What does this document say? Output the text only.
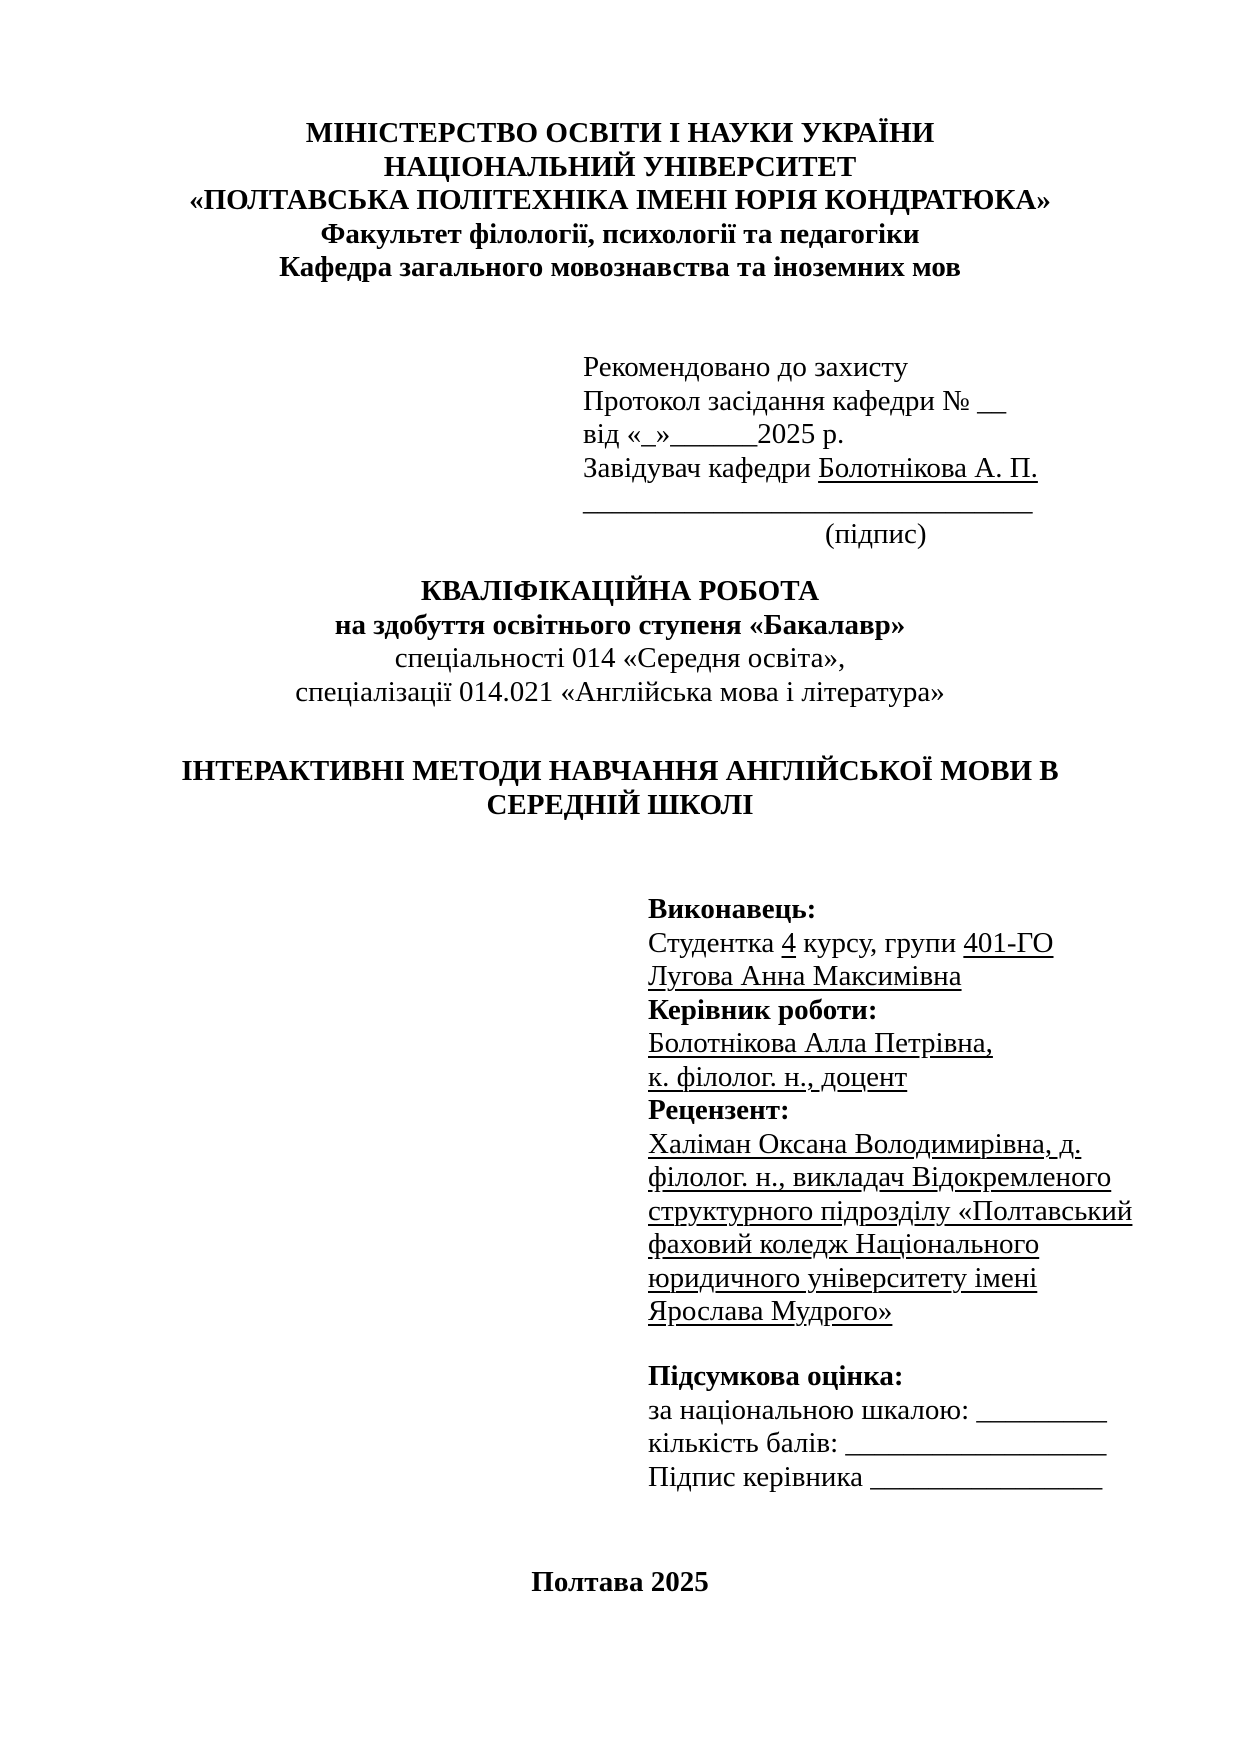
МІНІСТЕРСТВО ОСВІТИ І НАУКИ УКРАЇНИ
НАЦІОНАЛЬНИЙ УНІВЕРСИТЕТ
«ПОЛТАВСЬКА ПОЛІТЕХНІКА ІМЕНІ ЮРІЯ КОНДРАТЮКА»
Факультет філології, психології та педагогіки
Кафедра загального мовознавства та іноземних мов
Рекомендовано до захисту
Протокол засідання кафедри № __
від «_»______2025 р.
Завідувач кафедри Болотнікова А. П.
_______________________________
(підпис)
КВАЛІФІКАЦІЙНА РОБОТА
на здобуття освітнього ступеня «Бакалавр»
спеціальності 014 «Середня освіта»,
спеціалізації 014.021 «Англійська мова і література»
ІНТЕРАКТИВНІ МЕТОДИ НАВЧАННЯ АНГЛІЙСЬКОЇ МОВИ В
СЕРЕДНІЙ ШКОЛІ
Виконавець:
Студентка 4 курсу, групи 401-ГО
Лугова Анна Максимівна
Керівник роботи:
Болотнікова Алла Петрівна,
к. філолог. н., доцент
Рецензент:
Халіман Оксана Володимирівна, д.
філолог. н., викладач Відокремленого
структурного підрозділу «Полтавський
фаховий коледж Національного
юридичного університету імені
Ярослава Мудрого»
Підсумкова оцінка:
за національною шкалою: _________
кількість балів: __________________
Підпис керівника ________________
Полтава 2025
